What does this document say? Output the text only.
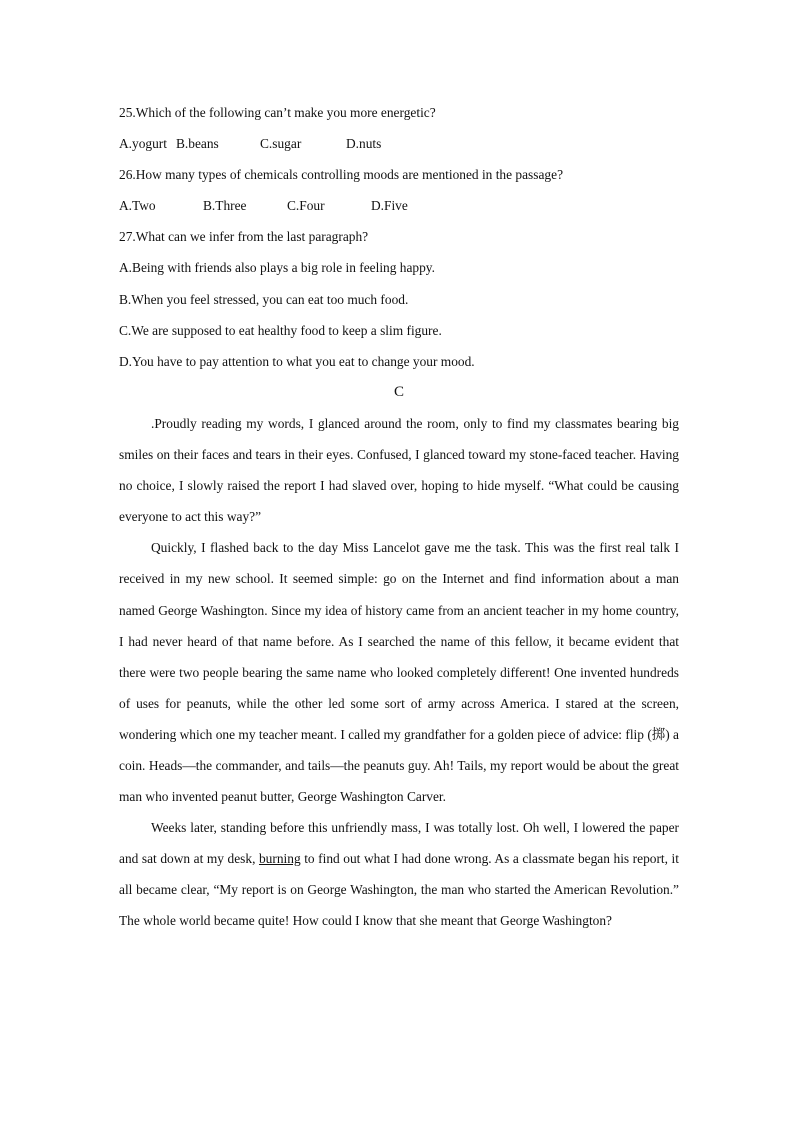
25.Which of the following can’t make you more energetic?
A.yogurt B.beans	C.sugar	D.nuts
26.How many types of chemicals controlling moods are mentioned in the passage?
A.Two	B.Three	C.Four	D.Five
27.What can we infer from the last paragraph?
A.Being with friends also plays a big role in feeling happy.
B.When you feel stressed, you can eat too much food.
C.We are supposed to eat healthy food to keep a slim figure.
D.You have to pay attention to what you eat to change your mood.
C

.Proudly reading my words, I glanced around the room, only to find my classmates bearing big smiles on their faces and tears in their eyes. Confused, I glanced toward my stone-faced teacher. Having no choice, I slowly raised the report I had slaved over, hoping to hide myself. “What could be causing everyone to act this way?”

Quickly, I flashed back to the day Miss Lancelot gave me the task. This was the first real talk I received in my new school. It seemed simple: go on the Internet and find information about a man named George Washington. Since my idea of history came from an ancient teacher in my home country, I had never heard of that name before. As I searched the name of this fellow, it became evident that there were two people bearing the same name who looked completely different! One invented hundreds of uses for peanuts, while the other led some sort of army across America. I stared at the screen, wondering which one my teacher meant. I called my grandfather for a golden piece of advice: flip (掷) a coin. Heads—the commander, and tails—the peanuts guy. Ah! Tails, my report would be about the great man who invented peanut butter, George Washington Carver.

Weeks later, standing before this unfriendly mass, I was totally lost. Oh well, I lowered the paper and sat down at my desk, burning to find out what I had done wrong. As a classmate began his report, it all became clear, “My report is on George Washington, the man who started the American Revolution.” The whole world became quite! How could I know that she meant that George Washington?
